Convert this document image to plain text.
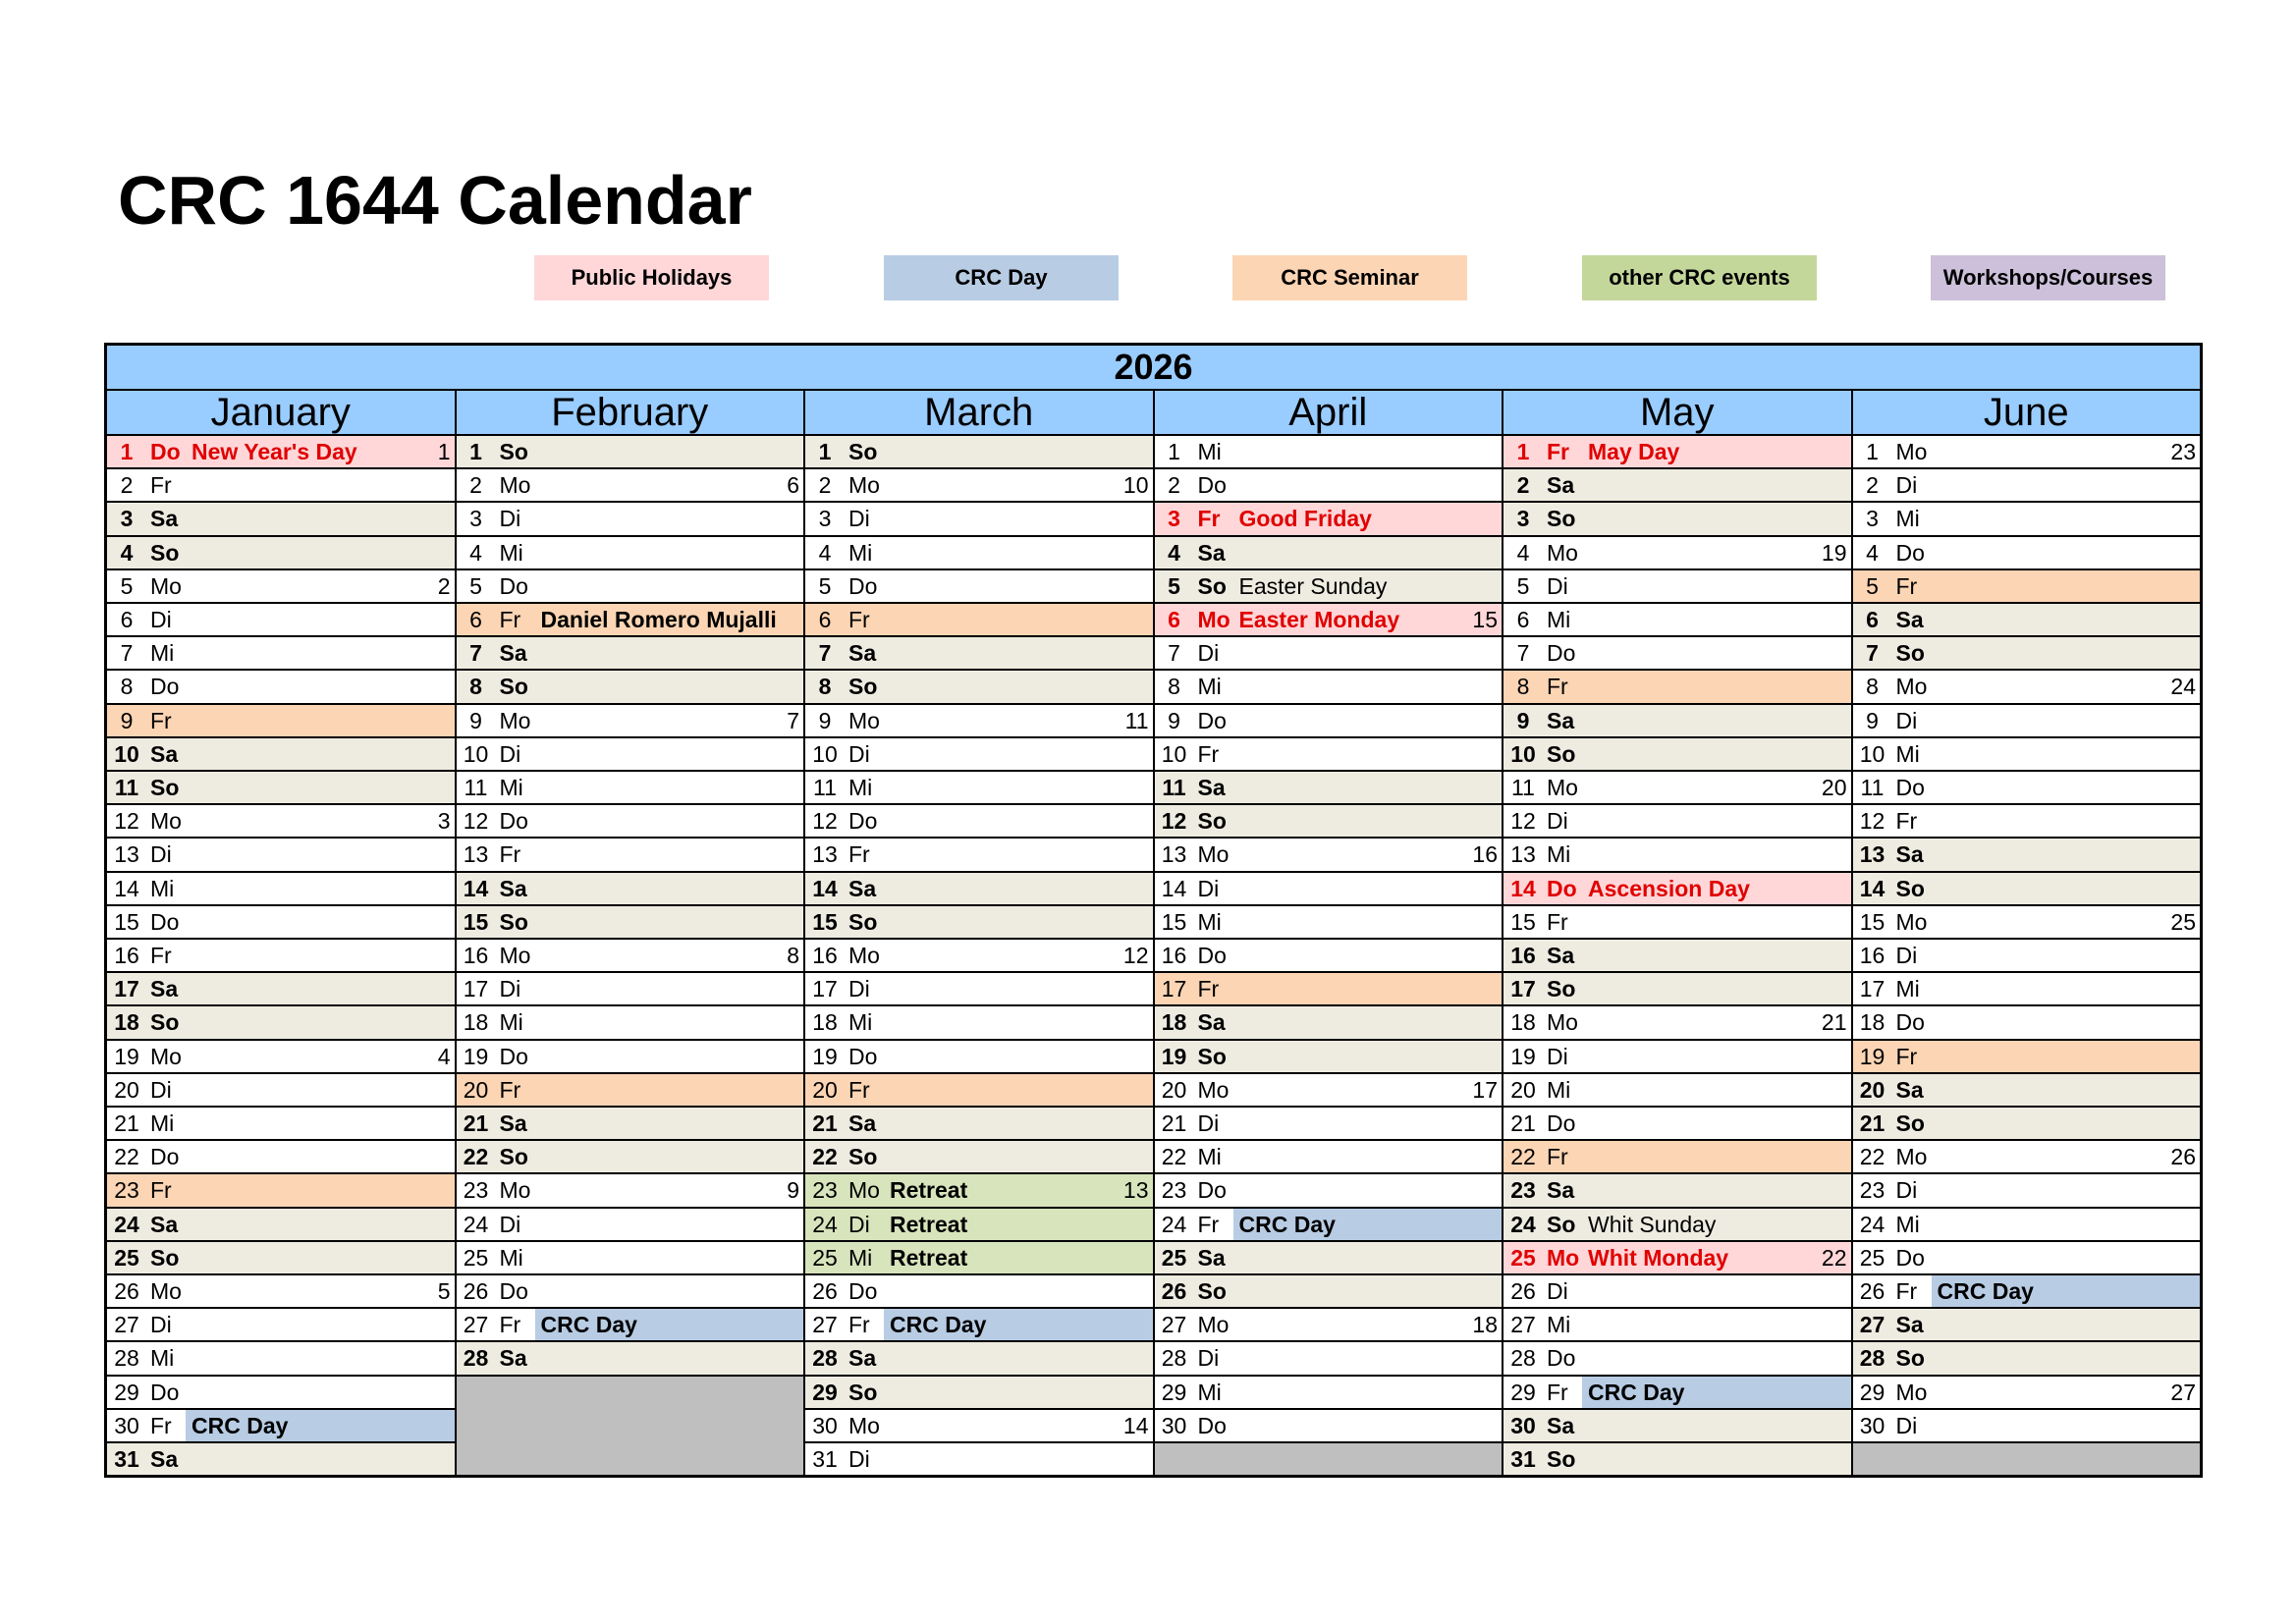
CRC 1644 Calendar
Public Holidays	CRC Day	CRC Seminar	other CRC events	Workshops/Courses
2026
January
1 Do New Year's Day	1
2 Fr
3 Sa
4 So
5 Mo	2
6 Di
7 Mi
8 Do
9 Fr
10 Sa
11 So
12 Mo	3
13 Di
14 Mi
15 Do
16 Fr
17 Sa
18 So
19 Mo	4
20 Di
21 Mi
22 Do
23 Fr
24 Sa
25 So
26 Mo	5
27 Di
28 Mi
29 Do
30 Fr CRC Day
31 Sa
February
1 So
2 Mo	6
3 Di
4 Mi
5 Do
6 Fr Daniel Romero Mujalli
7 Sa
8 So
9 Mo	7
10 Di
11 Mi
12 Do
13 Fr
14 Sa
15 So
16 Mo	8
17 Di
18 Mi
19 Do
20 Fr
21 Sa
22 So
23 Mo	9
24 Di
25 Mi
26 Do
27 Fr CRC Day
28 Sa
March
1 So
2 Mo	10
3 Di
4 Mi
5 Do
6 Fr
7 Sa
8 So
9 Mo	11
10 Di
11 Mi
12 Do
13 Fr
14 Sa
15 So
16 Mo	12
17 Di
18 Mi
19 Do
20 Fr
21 Sa
22 So
23 Mo Retreat	13
24 Di Retreat
25 Mi Retreat
26 Do
27 Fr CRC Day
28 Sa
29 So
30 Mo	14
31 Di
April
1 Mi
2 Do
3 Fr Good Friday
4 Sa
5 So Easter Sunday
6 Mo Easter Monday	15
7 Di
8 Mi
9 Do
10 Fr
11 Sa
12 So
13 Mo	16
14 Di
15 Mi
16 Do
17 Fr
18 Sa
19 So
20 Mo	17
21 Di
22 Mi
23 Do
24 Fr CRC Day
25 Sa
26 So
27 Mo	18
28 Di
29 Mi
30 Do
May
1 Fr May Day
2 Sa
3 So
4 Mo	19
5 Di
6 Mi
7 Do
8 Fr
9 Sa
10 So
11 Mo	20
12 Di
13 Mi
14 Do Ascension Day
15 Fr
16 Sa
17 So
18 Mo	21
19 Di
20 Mi
21 Do
22 Fr
23 Sa
24 So Whit Sunday
25 Mo Whit Monday	22
26 Di
27 Mi
28 Do
29 Fr CRC Day
30 Sa
31 So
June
1 Mo	23
2 Di
3 Mi
4 Do
5 Fr
6 Sa
7 So
8 Mo	24
9 Di
10 Mi
11 Do
12 Fr
13 Sa
14 So
15 Mo	25
16 Di
17 Mi
18 Do
19 Fr
20 Sa
21 So
22 Mo	26
23 Di
24 Mi
25 Do
26 Fr CRC Day
27 Sa
28 So
29 Mo	27
30 Di
